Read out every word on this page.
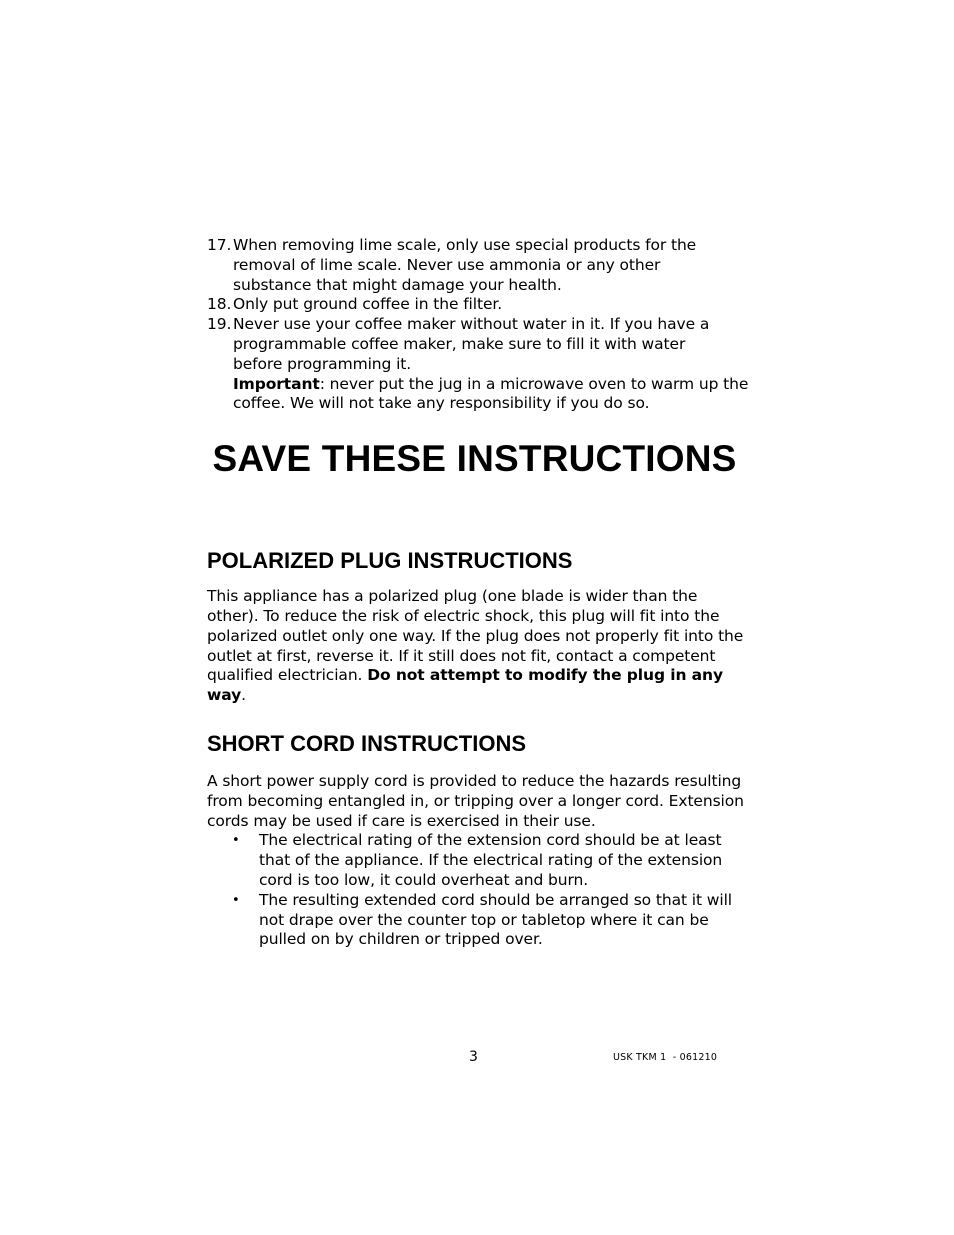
17. When removing lime scale, only use special products for the

removal of lime scale. Never use ammonia or any other

substance that might damage your health.

18. Only put ground coffee in the filter.

19. Never use your coffee maker without water in it. If you have a

programmable coffee maker, make sure to fill it with water

before programming it.

Important: never put the jug in a microwave oven to warm up the coffee. We will not take any responsibility if you do so.

SAVE THESE INSTRUCTIONS
POLARIZED PLUG INSTRUCTIONS

This appliance has a polarized plug (one blade is wider than the other). To reduce the risk of electric shock, this plug will fit into the polarized outlet only one way. If the plug does not properly fit into the outlet at first, reverse it. If it still does not fit, contact a competent qualified electrician. Do not attempt to modify the plug in any way.

SHORT CORD INSTRUCTIONS

A short power supply cord is provided to reduce the hazards resulting from becoming entangled in, or tripping over a longer cord. Extension cords may be used if care is exercised in their use.

•	The electrical rating of the extension cord should be at least that of the appliance. If the electrical rating of the extension cord is too low, it could overheat and burn.
•	The resulting extended cord should be arranged so that it will not drape over the counter top or tabletop where it can be pulled on by children or tripped over.
3	USK TKM 1  - 061210
